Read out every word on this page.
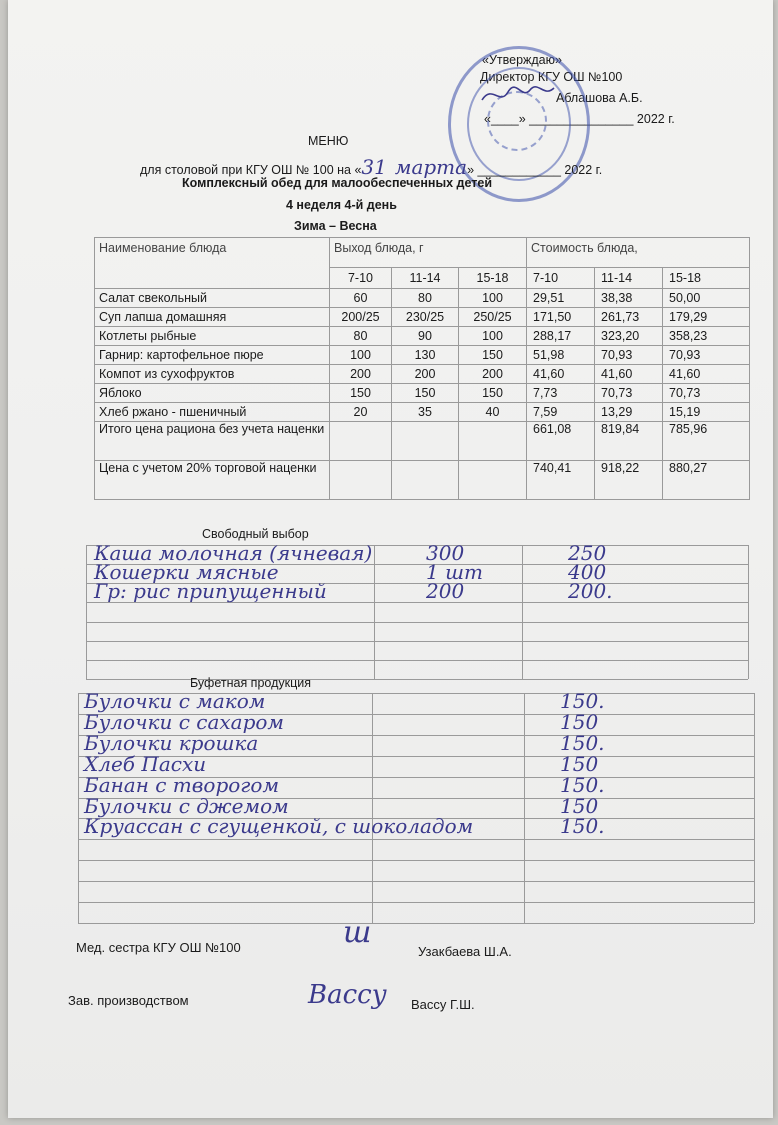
«Утверждаю»
Директор КГУ ОШ №100
Аблашова А.Б.
«____» _______________ 2022 г.
МЕНЮ
для столовой при КГУ ОШ № 100 на «31 марта» ____________ 2022 г.
Комплексный обед для малообеспеченных детей
4 неделя 4-й день
Зима – Весна
Наименование блюда	Выход блюда, г			Стоимость блюда,		
	7-10	11-14	15-18	7-10	11-14	15-18
Салат свекольный	60	80	100	29,51	38,38	50,00
Суп лапша домашняя	200/25	230/25	250/25	171,50	261,73	179,29
Котлеты рыбные	80	90	100	288,17	323,20	358,23
Гарнир: картофельное пюре	100	130	150	51,98	70,93	70,93
Компот из сухофруктов	200	200	200	41,60	41,60	41,60
Яблоко	150	150	150	7,73	70,73	70,73
Хлеб ржано - пшеничный	20	35	40	7,59	13,29	15,19
Итого цена рациона без учета наценки				661,08	819,84	785,96
Цена с учетом 20% торговой наценки				740,41	918,22	880,27
Свободный выбор
Каша молочная (ячневая)	300	250
Кошерки мясные	1 шт	400
Гр: рис припущенный	200	200.
Буфетная продукция
Булочки с маком	150.
Булочки с сахаром	150
Булочки крошка	150.
Хлеб Пасхи	150
Банан с творогом	150.
Булочки с джемом	150
Круассан с сгущенкой, с шоколадом	150.
Мед. сестра КГУ ОШ №100	ш
Узакбаева Ш.А.
Зав. производством	Вассу Вассу Г.Ш.
